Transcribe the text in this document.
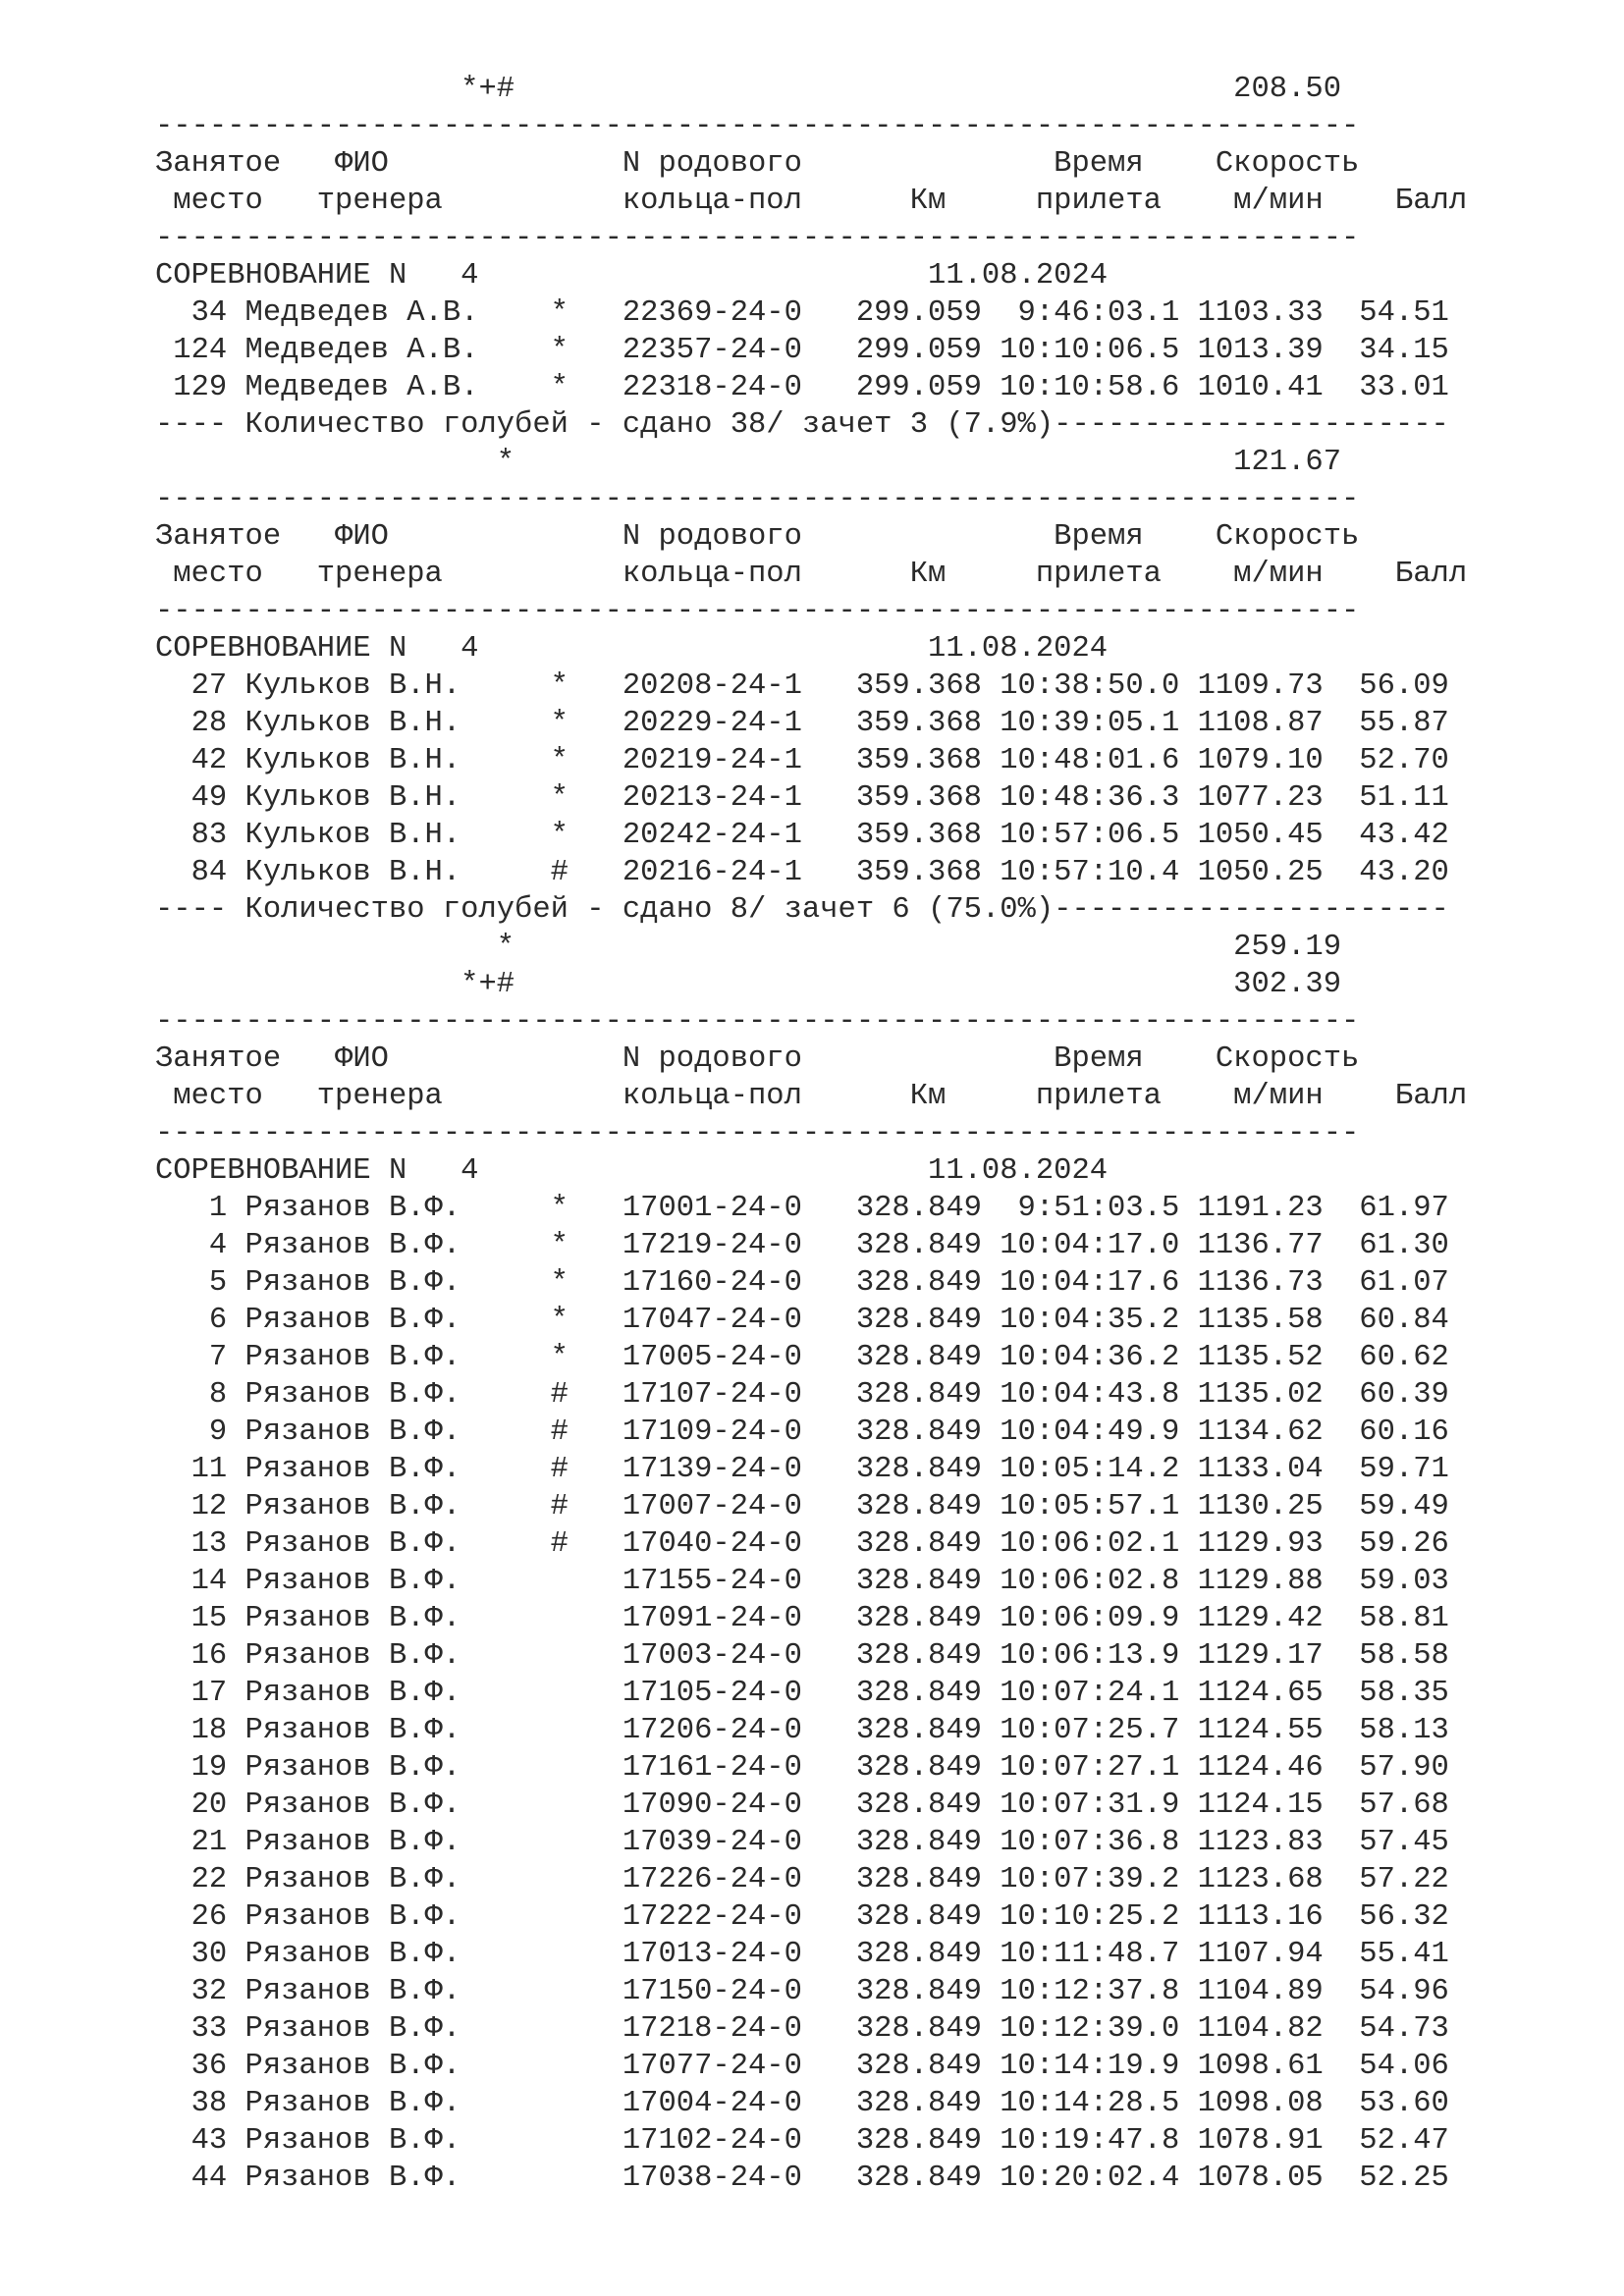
*+#                                        208.50
-------------------------------------------------------------------
Занятое   ФИО             N родового              Время    Скорость
место   тренера          кольца-пол      Км     прилета    м/мин    Балл
-------------------------------------------------------------------
СОРЕВНОВАНИЕ N   4                         11.08.2024
34 Медведев А.В.    *   22369-24-0   299.059  9:46:03.1 1103.33  54.51
124 Медведев А.В.    *   22357-24-0   299.059 10:10:06.5 1013.39  34.15
129 Медведев А.В.    *   22318-24-0   299.059 10:10:58.6 1010.41  33.01
---- Количество голубей - сдано 38/ зачет 3 (7.9%)----------------------
*                                        121.67
-------------------------------------------------------------------
Занятое   ФИО             N родового              Время    Скорость
место   тренера          кольца-пол      Км     прилета    м/мин    Балл
-------------------------------------------------------------------
СОРЕВНОВАНИЕ N   4                         11.08.2024
27 Кульков В.Н.     *   20208-24-1   359.368 10:38:50.0 1109.73  56.09
28 Кульков В.Н.     *   20229-24-1   359.368 10:39:05.1 1108.87  55.87
42 Кульков В.Н.     *   20219-24-1   359.368 10:48:01.6 1079.10  52.70
49 Кульков В.Н.     *   20213-24-1   359.368 10:48:36.3 1077.23  51.11
83 Кульков В.Н.     *   20242-24-1   359.368 10:57:06.5 1050.45  43.42
84 Кульков В.Н.     #   20216-24-1   359.368 10:57:10.4 1050.25  43.20
---- Количество голубей - сдано 8/ зачет 6 (75.0%)----------------------
*                                        259.19
*+#                                        302.39
-------------------------------------------------------------------
Занятое   ФИО             N родового              Время    Скорость
место   тренера          кольца-пол      Км     прилета    м/мин    Балл
-------------------------------------------------------------------
СОРЕВНОВАНИЕ N   4                         11.08.2024
1 Рязанов В.Ф.     *   17001-24-0   328.849  9:51:03.5 1191.23  61.97
4 Рязанов В.Ф.     *   17219-24-0   328.849 10:04:17.0 1136.77  61.30
5 Рязанов В.Ф.     *   17160-24-0   328.849 10:04:17.6 1136.73  61.07
6 Рязанов В.Ф.     *   17047-24-0   328.849 10:04:35.2 1135.58  60.84
7 Рязанов В.Ф.     *   17005-24-0   328.849 10:04:36.2 1135.52  60.62
8 Рязанов В.Ф.     #   17107-24-0   328.849 10:04:43.8 1135.02  60.39
9 Рязанов В.Ф.     #   17109-24-0   328.849 10:04:49.9 1134.62  60.16
11 Рязанов В.Ф.     #   17139-24-0   328.849 10:05:14.2 1133.04  59.71
12 Рязанов В.Ф.     #   17007-24-0   328.849 10:05:57.1 1130.25  59.49
13 Рязанов В.Ф.     #   17040-24-0   328.849 10:06:02.1 1129.93  59.26
14 Рязанов В.Ф.         17155-24-0   328.849 10:06:02.8 1129.88  59.03
15 Рязанов В.Ф.         17091-24-0   328.849 10:06:09.9 1129.42  58.81
16 Рязанов В.Ф.         17003-24-0   328.849 10:06:13.9 1129.17  58.58
17 Рязанов В.Ф.         17105-24-0   328.849 10:07:24.1 1124.65  58.35
18 Рязанов В.Ф.         17206-24-0   328.849 10:07:25.7 1124.55  58.13
19 Рязанов В.Ф.         17161-24-0   328.849 10:07:27.1 1124.46  57.90
20 Рязанов В.Ф.         17090-24-0   328.849 10:07:31.9 1124.15  57.68
21 Рязанов В.Ф.         17039-24-0   328.849 10:07:36.8 1123.83  57.45
22 Рязанов В.Ф.         17226-24-0   328.849 10:07:39.2 1123.68  57.22
26 Рязанов В.Ф.         17222-24-0   328.849 10:10:25.2 1113.16  56.32
30 Рязанов В.Ф.         17013-24-0   328.849 10:11:48.7 1107.94  55.41
32 Рязанов В.Ф.         17150-24-0   328.849 10:12:37.8 1104.89  54.96
33 Рязанов В.Ф.         17218-24-0   328.849 10:12:39.0 1104.82  54.73
36 Рязанов В.Ф.         17077-24-0   328.849 10:14:19.9 1098.61  54.06
38 Рязанов В.Ф.         17004-24-0   328.849 10:14:28.5 1098.08  53.60
43 Рязанов В.Ф.         17102-24-0   328.849 10:19:47.8 1078.91  52.47
44 Рязанов В.Ф.         17038-24-0   328.849 10:20:02.4 1078.05  52.25
